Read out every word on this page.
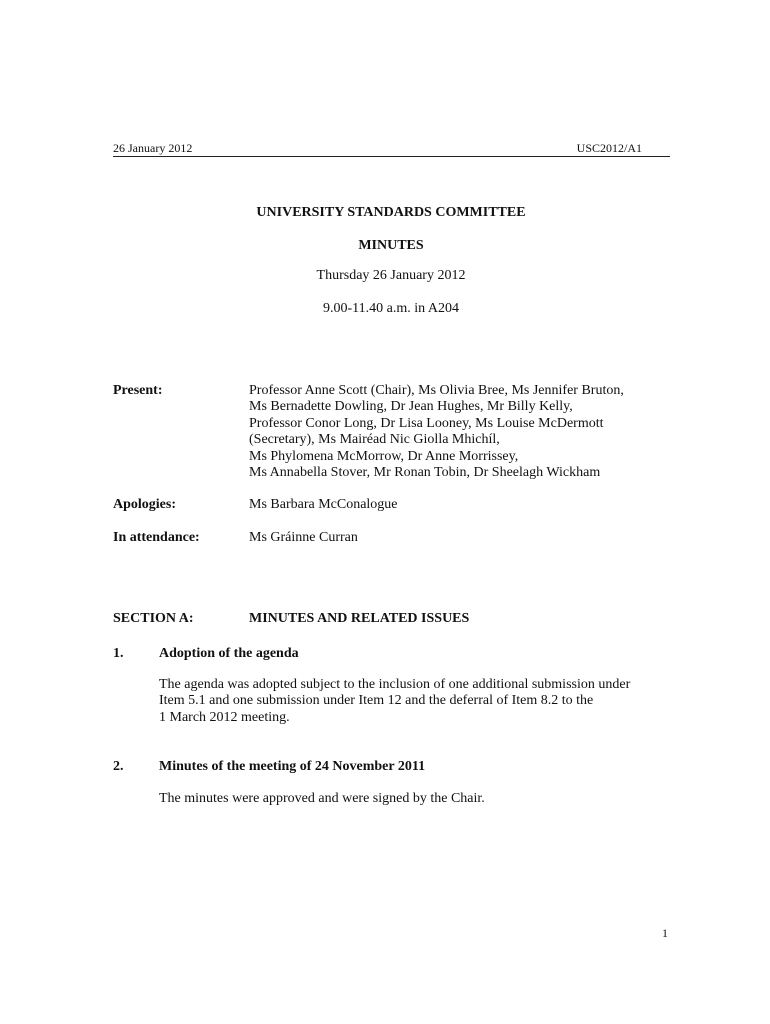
26 January 2012	USC2012/A1
UNIVERSITY STANDARDS COMMITTEE
MINUTES
Thursday 26 January 2012
9.00-11.40 a.m. in A204
Present:	Professor Anne Scott (Chair), Ms Olivia Bree, Ms Jennifer Bruton,
Ms Bernadette Dowling, Dr Jean Hughes, Mr Billy Kelly,
Professor Conor Long, Dr Lisa Looney, Ms Louise McDermott
(Secretary), Ms Mairéad Nic Giolla Mhichíl,
Ms Phylomena McMorrow, Dr Anne Morrissey,
Ms Annabella Stover, Mr Ronan Tobin, Dr Sheelagh Wickham
Apologies:	Ms Barbara McConalogue
In attendance:	Ms Gráinne Curran
SECTION A:	MINUTES AND RELATED ISSUES
1.	Adoption of the agenda
The agenda was adopted subject to the inclusion of one additional submission under
Item 5.1 and one submission under Item 12 and the deferral of Item 8.2 to the
1 March 2012 meeting.
2.	Minutes of the meeting of 24 November 2011
The minutes were approved and were signed by the Chair.
1
